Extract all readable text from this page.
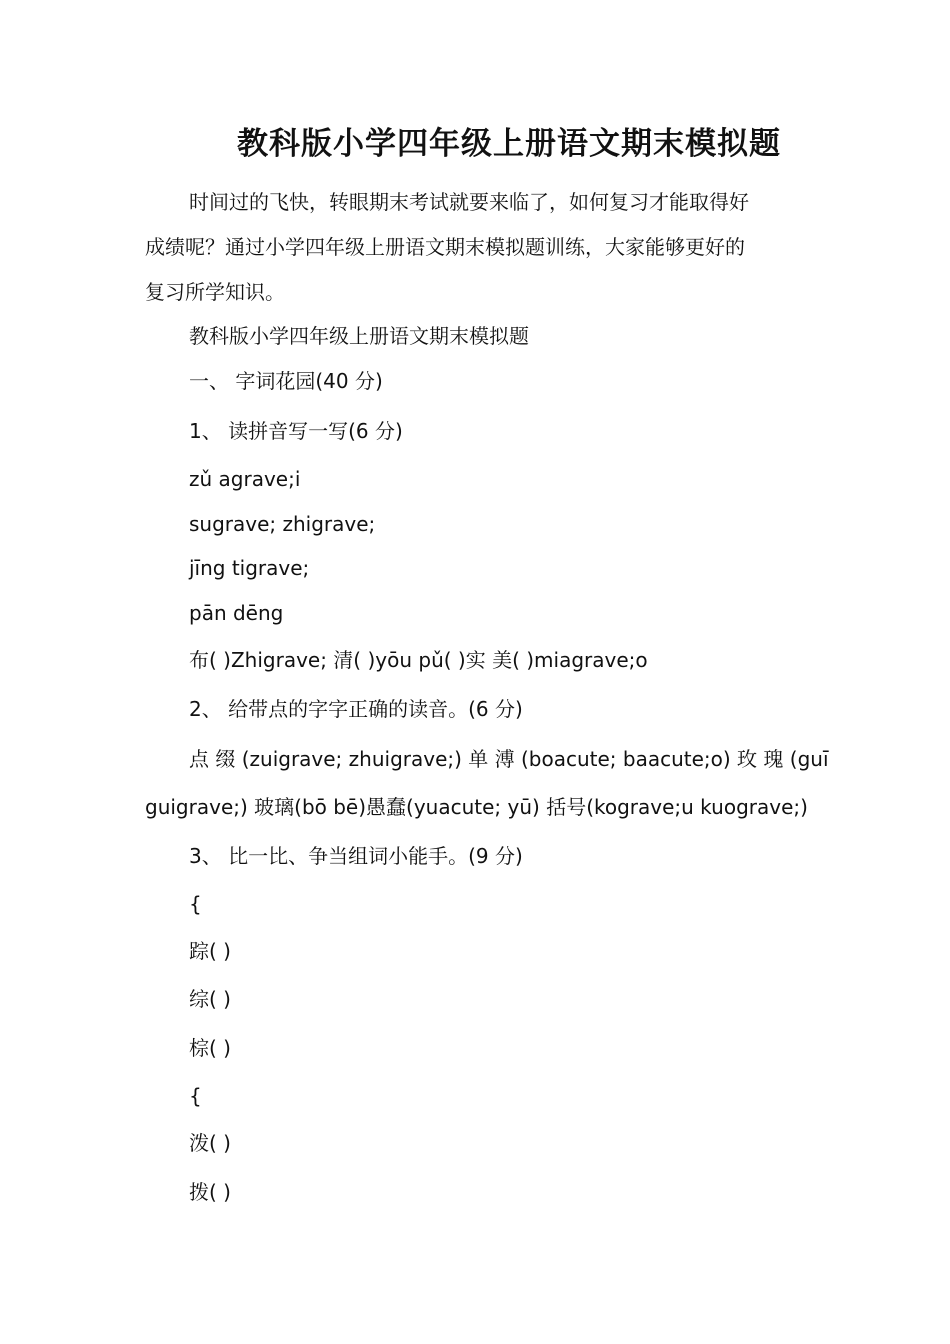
教科版小学四年级上册语文期末模拟题
时间过的飞快，转眼期末考试就要来临了，如何复习才能取得好
成绩呢？通过小学四年级上册语文期末模拟题训练，大家能够更好的
复习所学知识。
教科版小学四年级上册语文期末模拟题
一、 字词花园(40 分)
1、 读拼音写一写(6 分)
zǔ agrave;i
sugrave; zhigrave;
jīng tigrave;
pān dēng
布( )Zhigrave; 清( )yōu pǔ( )实 美( )miagrave;o
2、 给带点的字字正确的读音。(6 分)
点 缀 (zuigrave; zhuigrave;) 单 溥 (boacute; baacute;o) 玫 瑰 (guī
guigrave;) 玻璃(bō bē)愚蠢(yuacute; yū) 括号(kograve;u kuograve;)
3、 比一比、争当组词小能手。(9 分)
{
踪( )
综( )
棕( )
{
泼( )
拨( )
